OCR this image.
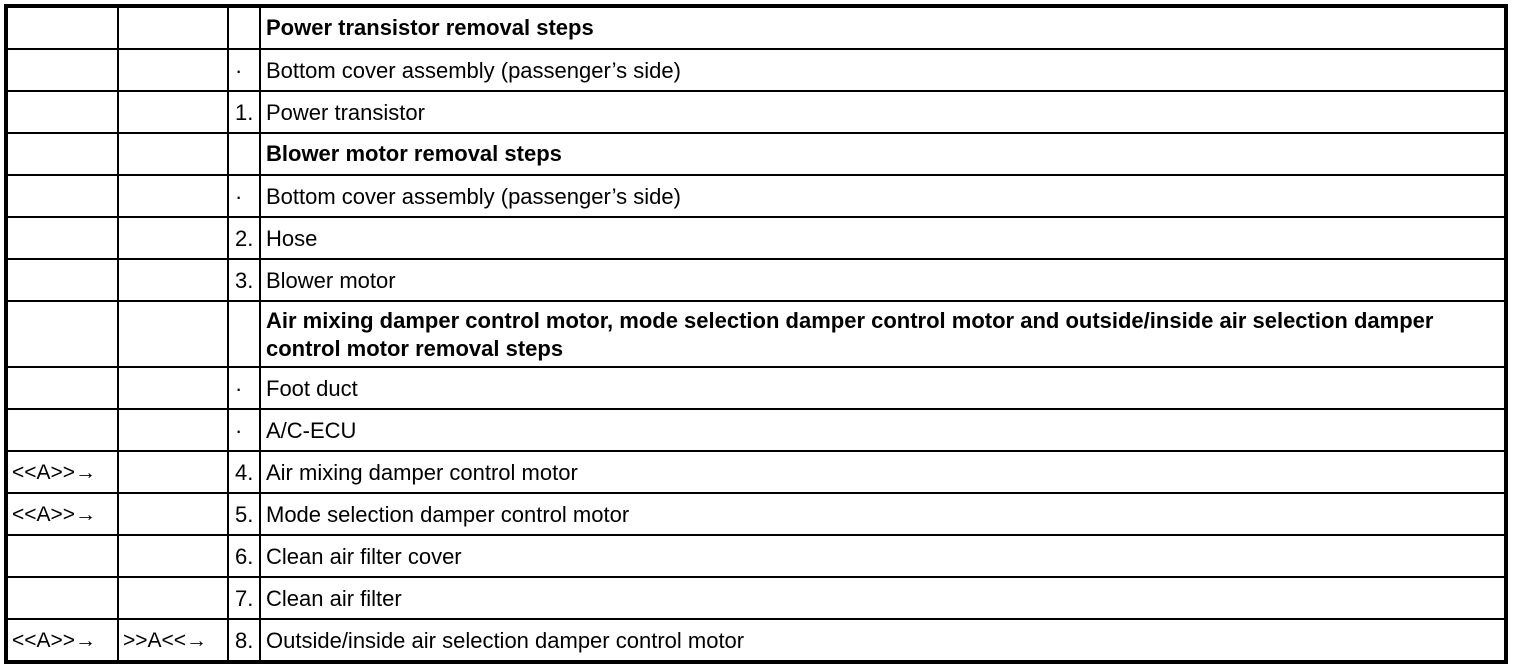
			Power transistor removal steps
		·	Bottom cover assembly (passenger’s side)
		1.	Power transistor
			Blower motor removal steps
		·	Bottom cover assembly (passenger’s side)
		2.	Hose
		3.	Blower motor
			Air mixing damper control motor, mode selection damper control motor and outside/inside air selection damper control motor removal steps
		·	Foot duct
		·	A/C-ECU
<<A>>→		4.	Air mixing damper control motor
<<A>>→		5.	Mode selection damper control motor
		6.	Clean air filter cover
		7.	Clean air filter
<<A>>→	>>A<<→	8.	Outside/inside air selection damper control motor
